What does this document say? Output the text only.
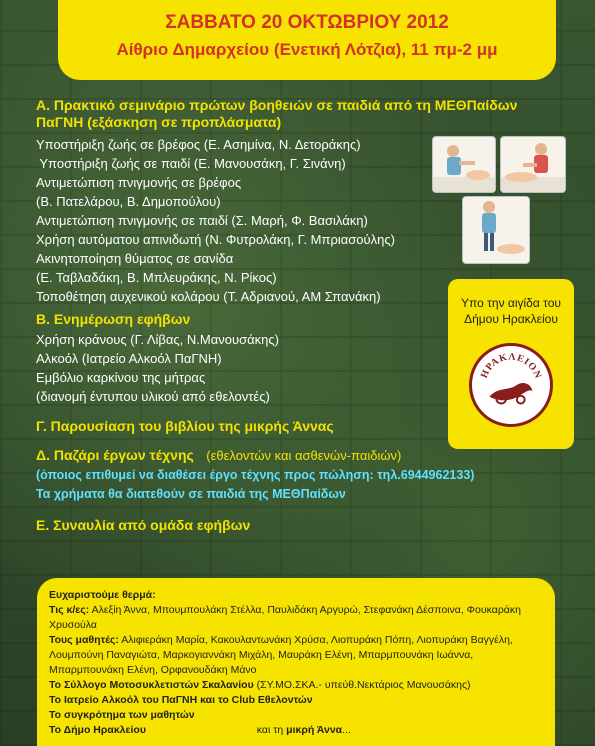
ΣΑΒΒΑΤΟ 20 ΟΚΤΩΒΡΙΟΥ 2012
Αίθριο Δημαρχείου (Ενετική Λότζια), 11 πμ-2 μμ
Α. Πρακτικό σεμινάριο πρώτων βοηθειών σε παιδιά από τη ΜΕΘΠαίδων
ΠαΓΝΗ (εξάσκηση σε προπλάσματα)
Υποστήριξη ζωής σε βρέφος (Ε. Ασημίνα, Ν. Δετοράκης)
Υποστήριξη ζωής σε παιδί (Ε. Μανουσάκη, Γ. Σινάνη)
Αντιμετώπιση πνιγμονής σε βρέφος
(Β. Πατελάρου, Β. Δημοπούλου)
Αντιμετώπιση πνιγμονής σε παιδί (Σ. Μαρή, Φ. Βασιλάκη)
Χρήση αυτόματου απινιδωτή (Ν. Φυτρολάκη, Γ. Μπριασούλης)
Ακινητοποίηση θύματος σε σανίδα
(Ε. Ταβλαδάκη, Β. Μπλευράκης, Ν. Ρίκος)
Τοποθέτηση αυχενικού κολάρου (Τ. Αδριανού, ΑΜ Σπανάκη)
Β. Ενημέρωση εφήβων
Χρήση κράνους (Γ. Λίβας, Ν.Μανουσάκης)
Αλκοόλ (Ιατρείο Αλκοόλ ΠαΓΝΗ)
Εμβόλιο καρκίνου της μήτρας
(διανομή έντυπου υλικού από εθελοντές)
Γ. Παρουσίαση του βιβλίου της μικρής Άννας
Δ. Παζάρι έργων τέχνης (εθελοντών και ασθενών-παιδιών)
(όποιος επιθυμεί να διαθέσει έργο τέχνης προς πώληση: τηλ.6944962133)
Τα χρήματα θα διατεθούν σε παιδιά της ΜΕΘΠαίδων
Ε. Συναυλία από ομάδα εφήβων
Υπο την αιγίδα του
Δήμου Ηρακλείου
ΗΡΑΚΛΕΙΟΝ
Ευχαριστούμε θερμά:
Τις κ/ες: Αλεξίη Άννα, Μπουμπουλάκη Στέλλα, Παυλιδάκη Αργυρώ, Στεφανάκη Δέσποινα, Φουκαράκη
Χρυσούλα
Τους μαθητές: Αλιφιεράκη Μαρία, Κακουλαντωνάκη Χρύσα, Λιοπυράκη Πόπη, Λιοπυράκη Βαγγέλη,
Λουμπούνη Παναγιώτα, Μαρκογιαννάκη Μιχάλη, Μαυράκη Ελένη, Μπαρμπουνάκη Ιωάννα,
Μπαρμπουνάκη Ελένη, Ορφανουδάκη Μάνο
Το Σύλλογο Μοτοσυκλετιστών Σκαλανίου (ΣΥ.ΜΟ.ΣΚΑ.- υπεύθ.Νεκτάριος Μανουσάκης)
Το Ιατρείο Αλκοόλ του ΠαΓΝΗ και το Club Εθελοντών
Το συγκρότημα των μαθητών
Το Δήμο Ηρακλείου	και τη μικρή Άννα...
